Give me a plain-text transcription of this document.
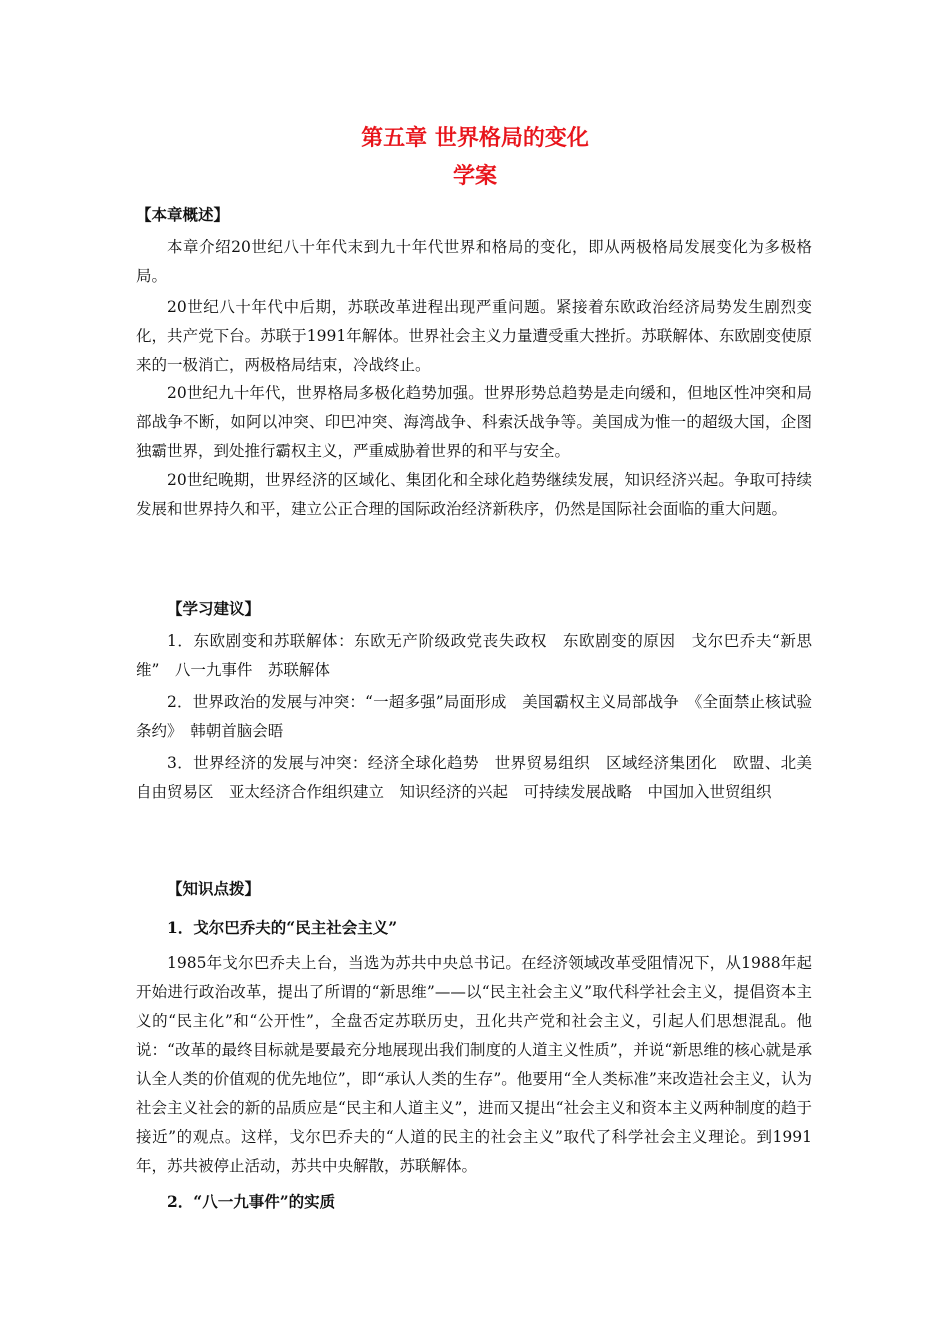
第五章 世界格局的变化
学案
【本章概述】
本章介绍20世纪八十年代末到九十年代世界和格局的变化，即从两极格局发展变化为多极格局。
20世纪八十年代中后期，苏联改革进程出现严重问题。紧接着东欧政治经济局势发生剧烈变化，共产党下台。苏联于1991年解体。世界社会主义力量遭受重大挫折。苏联解体、东欧剧变使原来的一极消亡，两极格局结束，冷战终止。
20世纪九十年代，世界格局多极化趋势加强。世界形势总趋势是走向缓和，但地区性冲突和局部战争不断，如阿以冲突、印巴冲突、海湾战争、科索沃战争等。美国成为惟一的超级大国，企图独霸世界，到处推行霸权主义，严重威胁着世界的和平与安全。
20世纪晚期，世界经济的区域化、集团化和全球化趋势继续发展，知识经济兴起。争取可持续发展和世界持久和平，建立公正合理的国际政治经济新秩序，仍然是国际社会面临的重大问题。
【学习建议】
1．东欧剧变和苏联解体：东欧无产阶级政党丧失政权　东欧剧变的原因　戈尔巴乔夫“新思维”　八一九事件　苏联解体
2．世界政治的发展与冲突：“一超多强”局面形成　美国霸权主义局部战争　《全面禁止核试验条约》　韩朝首脑会晤
3．世界经济的发展与冲突：经济全球化趋势　世界贸易组织　区域经济集团化　欧盟、北美自由贸易区　亚太经济合作组织建立　知识经济的兴起　可持续发展战略　中国加入世贸组织
【知识点拨】
1．戈尔巴乔夫的“民主社会主义”
1985年戈尔巴乔夫上台，当选为苏共中央总书记。在经济领域改革受阻情况下，从1988年起开始进行政治改革，提出了所谓的“新思维”——以“民主社会主义”取代科学社会主义，提倡资本主义的“民主化”和“公开性”，全盘否定苏联历史，丑化共产党和社会主义，引起人们思想混乱。他说：“改革的最终目标就是要最充分地展现出我们制度的人道主义性质”，并说“新思维的核心就是承认全人类的价值观的优先地位”，即“承认人类的生存”。他要用“全人类标准”来改造社会主义，认为社会主义社会的新的品质应是“民主和人道主义”，进而又提出“社会主义和资本主义两种制度的趋于接近”的观点。这样，戈尔巴乔夫的“人道的民主的社会主义”取代了科学社会主义理论。到1991年，苏共被停止活动，苏共中央解散，苏联解体。
2．“八一九事件”的实质
